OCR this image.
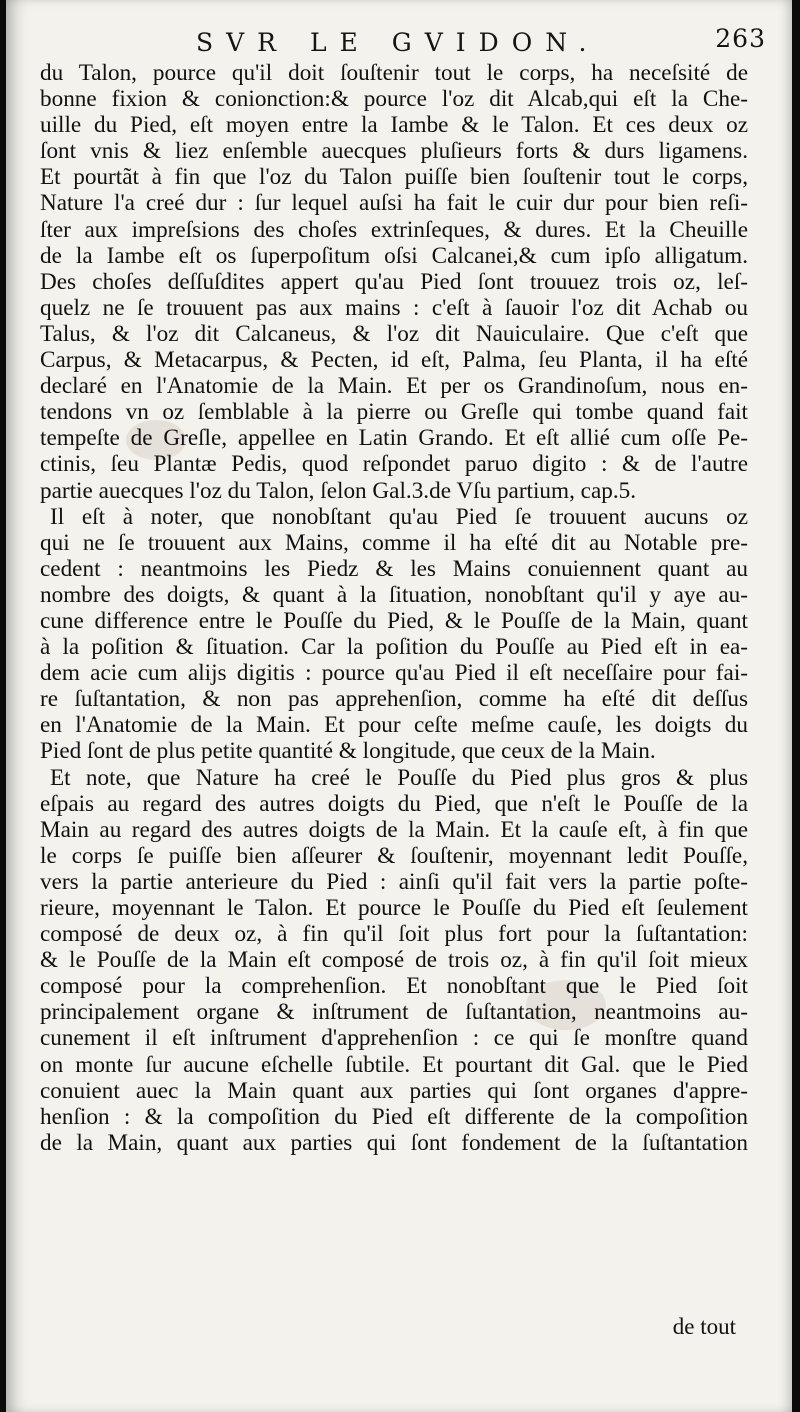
SVR LE GVIDON.	263
du Talon, pource qu'il doit ſouſtenir tout le corps, ha neceſsité de
bonne fixion & conionction:& pource l'oz dit Alcab,qui eſt la Che-
uille du Pied, eſt moyen entre la Iambe & le Talon. Et ces deux oz
ſont vnis & liez enſemble auecques pluſieurs forts & durs ligamens.
Et pourtãt à fin que l'oz du Talon puiſſe bien ſouſtenir tout le corps,
Nature l'a creé dur : ſur lequel auſsi ha fait le cuir dur pour bien reſi-
ſter aux impreſsions des choſes extrinſeques, & dures. Et la Cheuille
de la Iambe eſt os ſuperpoſitum oſsi Calcanei,& cum ipſo alligatum.
Des choſes deſſuſdites appert qu'au Pied ſont trouuez trois oz, leſ-
quelz ne ſe trouuent pas aux mains : c'eſt à ſauoir l'oz dit Achab ou
Talus, & l'oz dit Calcaneus, & l'oz dit Nauiculaire. Que c'eſt que
Carpus, & Metacarpus, & Pecten, id eſt, Palma, ſeu Planta, il ha eſté
declaré en l'Anatomie de la Main. Et per os Grandinoſum, nous en-
tendons vn oz ſemblable à la pierre ou Greſle qui tombe quand fait
tempeſte de Greſle, appellee en Latin Grando. Et eſt allié cum oſſe Pe-
ctinis, ſeu Plantæ Pedis, quod reſpondet paruo digito : & de l'autre
partie auecques l'oz du Talon, ſelon Gal.3.de Vſu partium, cap.5.
Il eſt à noter, que nonobſtant qu'au Pied ſe trouuent aucuns oz
qui ne ſe trouuent aux Mains, comme il ha eſté dit au Notable pre-
cedent : neantmoins les Piedz & les Mains conuiennent quant au
nombre des doigts, & quant à la ſituation, nonobſtant qu'il y aye au-
cune difference entre le Pouſſe du Pied, & le Pouſſe de la Main, quant
à la poſition & ſituation. Car la poſition du Pouſſe au Pied eſt in ea-
dem acie cum alijs digitis : pource qu'au Pied il eſt neceſſaire pour fai-
re ſuſtantation, & non pas apprehenſion, comme ha eſté dit deſſus
en l'Anatomie de la Main. Et pour ceſte meſme cauſe, les doigts du
Pied ſont de plus petite quantité & longitude, que ceux de la Main.
Et note, que Nature ha creé le Pouſſe du Pied plus gros & plus
eſpais au regard des autres doigts du Pied, que n'eſt le Pouſſe de la
Main au regard des autres doigts de la Main. Et la cauſe eſt, à fin que
le corps ſe puiſſe bien aſſeurer & ſouſtenir, moyennant ledit Pouſſe,
vers la partie anterieure du Pied : ainſi qu'il fait vers la partie poſte-
rieure, moyennant le Talon. Et pource le Pouſſe du Pied eſt ſeulement
composé de deux oz, à fin qu'il ſoit plus fort pour la ſuſtantation:
& le Pouſſe de la Main eſt composé de trois oz, à fin qu'il ſoit mieux
composé pour la comprehenſion. Et nonobſtant que le Pied ſoit
principalement organe & inſtrument de ſuſtantation, neantmoins au-
cunement il eſt inſtrument d'apprehenſion : ce qui ſe monſtre quand
on monte ſur aucune eſchelle ſubtile. Et pourtant dit Gal. que le Pied
conuient auec la Main quant aux parties qui ſont organes d'appre-
henſion : & la compoſition du Pied eſt differente de la compoſition
de la Main, quant aux parties qui ſont fondement de la ſuſtantation
de tout
